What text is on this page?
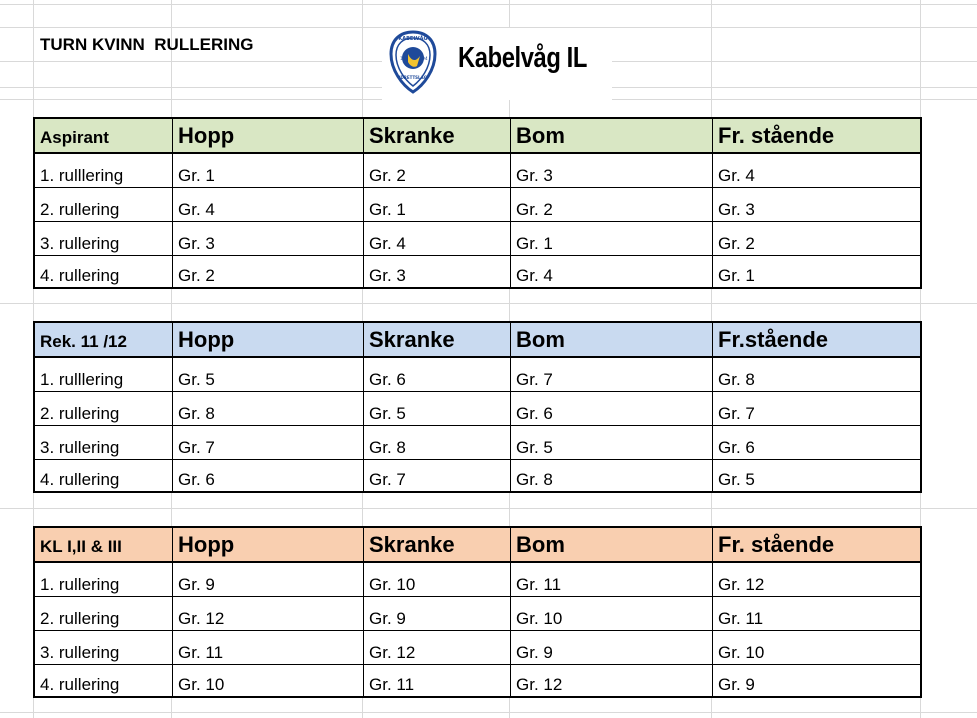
TURN KVINN  RULLERING	KABELVÅG
18	94
IDRETTSLAG
Kabelvåg IL
Aspirant	Hopp	Skranke	Bom	Fr. stående
1. rulllering	Gr. 1	Gr. 2	Gr. 3	Gr. 4
2. rullering	Gr. 4	Gr. 1	Gr. 2	Gr. 3
3. rullering	Gr. 3	Gr. 4	Gr. 1	Gr. 2
4. rullering	Gr. 2	Gr. 3	Gr. 4	Gr. 1
Rek. 11 /12	Hopp	Skranke	Bom	Fr.stående
1. rulllering	Gr. 5	Gr. 6	Gr. 7	Gr. 8
2. rullering	Gr. 8	Gr. 5	Gr. 6	Gr. 7
3. rullering	Gr. 7	Gr. 8	Gr. 5	Gr. 6
4. rullering	Gr. 6	Gr. 7	Gr. 8	Gr. 5
KL I,II & III	Hopp	Skranke	Bom	Fr. stående
1. rullering	Gr. 9	Gr. 10	Gr. 11	Gr. 12
2. rullering	Gr. 12	Gr. 9	Gr. 10	Gr. 11
3. rullering	Gr. 11	Gr. 12	Gr. 9	Gr. 10
4. rullering	Gr. 10	Gr. 11	Gr. 12	Gr. 9
